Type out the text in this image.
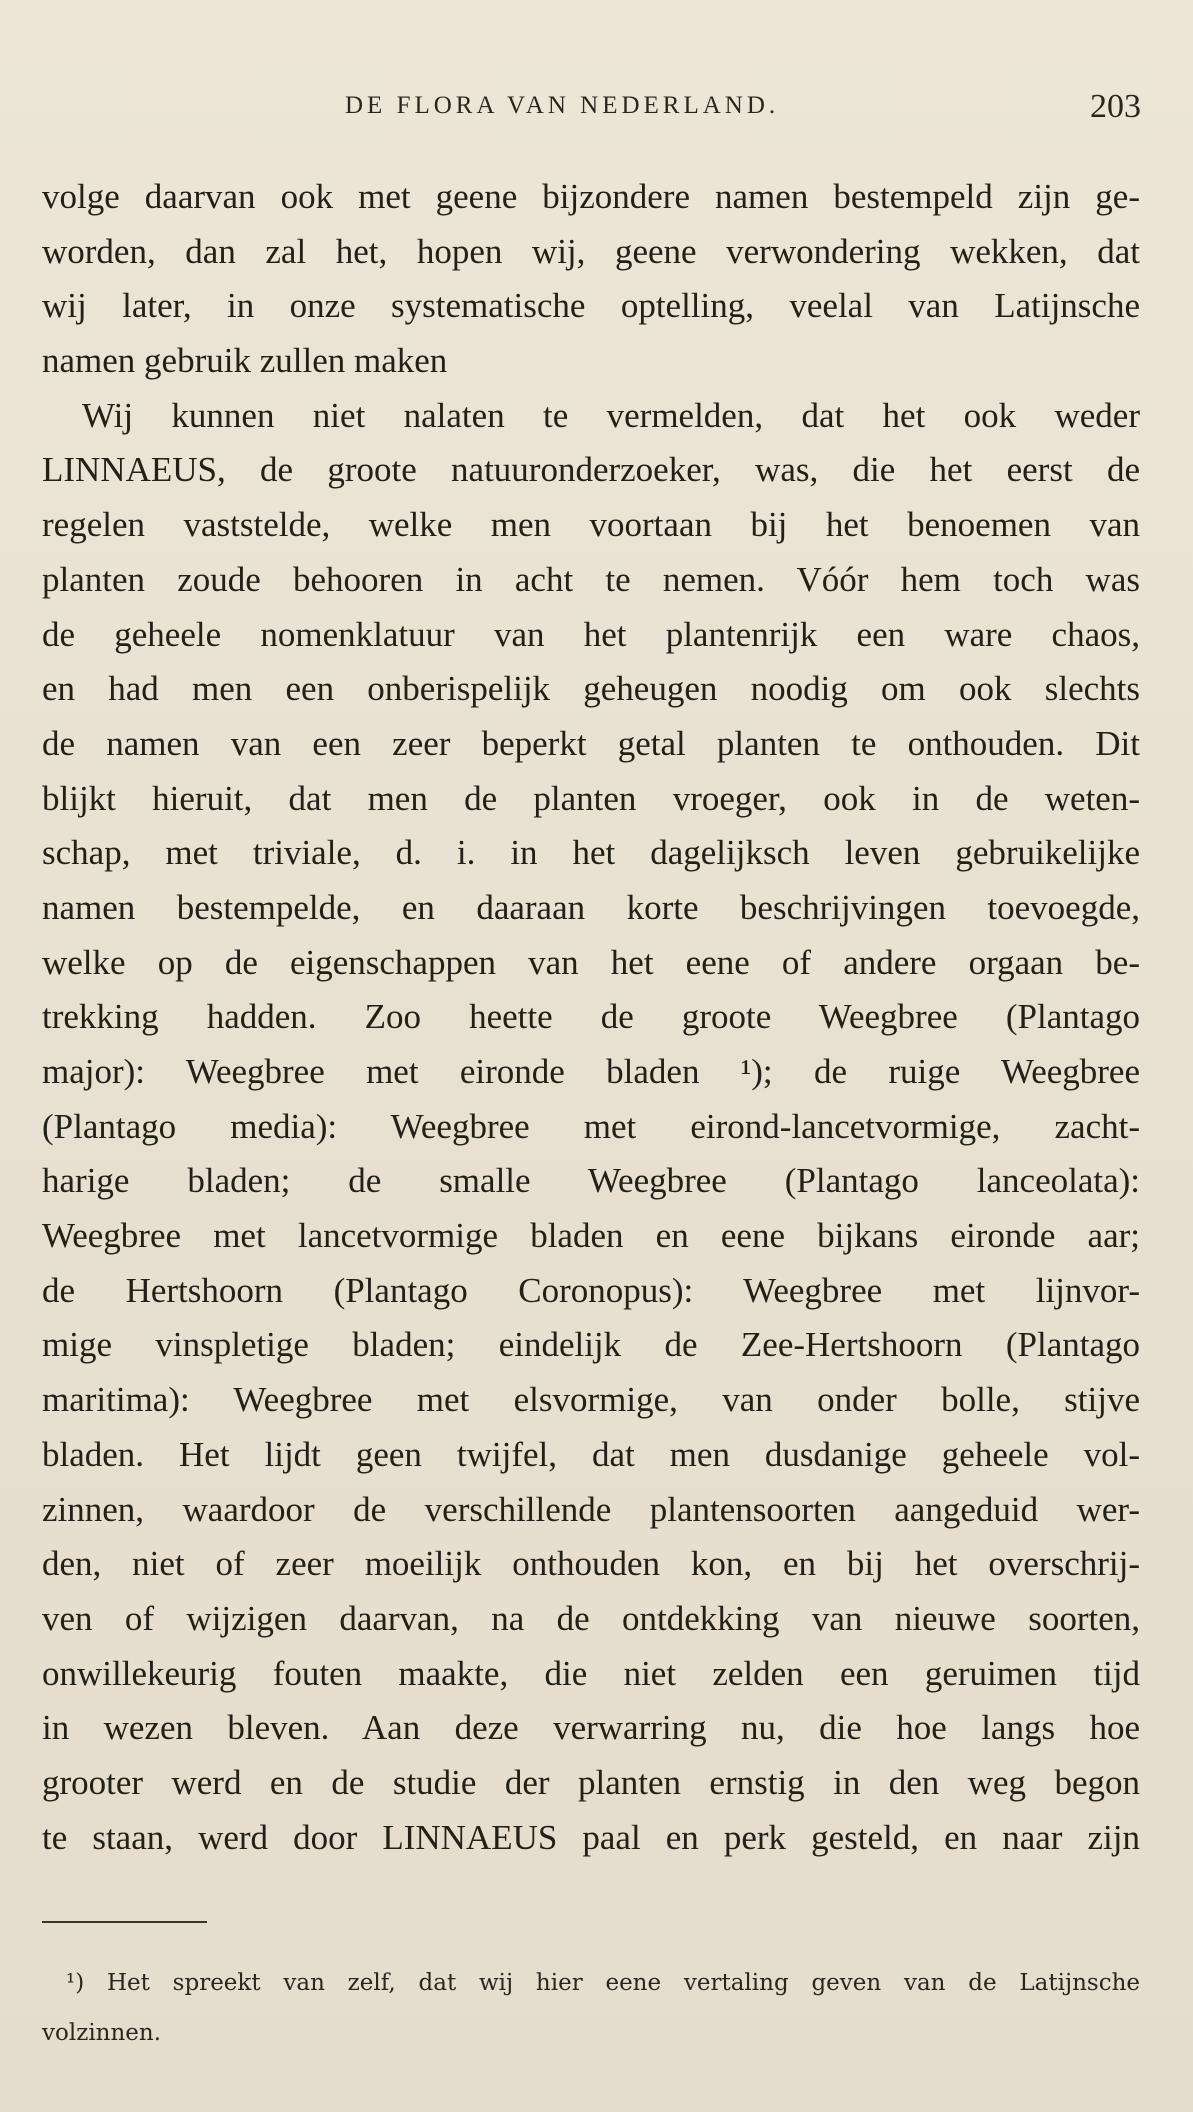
DE FLORA VAN NEDERLAND.	203
volge daarvan ook met geene bijzondere namen bestempeld zijn ge-
worden, dan zal het, hopen wij, geene verwondering wekken, dat
wij later, in onze systematische optelling, veelal van Latijnsche
namen gebruik zullen maken
Wij kunnen niet nalaten te vermelden, dat het ook weder
LINNAEUS, de groote natuuronderzoeker, was, die het eerst de
regelen vaststelde, welke men voortaan bij het benoemen van
planten zoude behooren in acht te nemen. Vóór hem toch was
de geheele nomenklatuur van het plantenrijk een ware chaos,
en had men een onberispelijk geheugen noodig om ook slechts
de namen van een zeer beperkt getal planten te onthouden. Dit
blijkt hieruit, dat men de planten vroeger, ook in de weten-
schap, met triviale, d. i. in het dagelijksch leven gebruikelijke
namen bestempelde, en daaraan korte beschrijvingen toevoegde,
welke op de eigenschappen van het eene of andere orgaan be-
trekking hadden. Zoo heette de groote Weegbree (Plantago
major): Weegbree met eironde bladen ¹); de ruige Weegbree
(Plantago media): Weegbree met eirond-lancetvormige, zacht-
harige bladen; de smalle Weegbree (Plantago lanceolata):
Weegbree met lancetvormige bladen en eene bijkans eironde aar;
de Hertshoorn (Plantago Coronopus): Weegbree met lijnvor-
mige vinspletige bladen; eindelijk de Zee-Hertshoorn (Plantago
maritima): Weegbree met elsvormige, van onder bolle, stijve
bladen. Het lijdt geen twijfel, dat men dusdanige geheele vol-
zinnen, waardoor de verschillende plantensoorten aangeduid wer-
den, niet of zeer moeilijk onthouden kon, en bij het overschrij-
ven of wijzigen daarvan, na de ontdekking van nieuwe soorten,
onwillekeurig fouten maakte, die niet zelden een geruimen tijd
in wezen bleven. Aan deze verwarring nu, die hoe langs hoe
grooter werd en de studie der planten ernstig in den weg begon
te staan, werd door LINNAEUS paal en perk gesteld, en naar zijn
¹) Het spreekt van zelf, dat wij hier eene vertaling geven van de Latijnsche
volzinnen.
